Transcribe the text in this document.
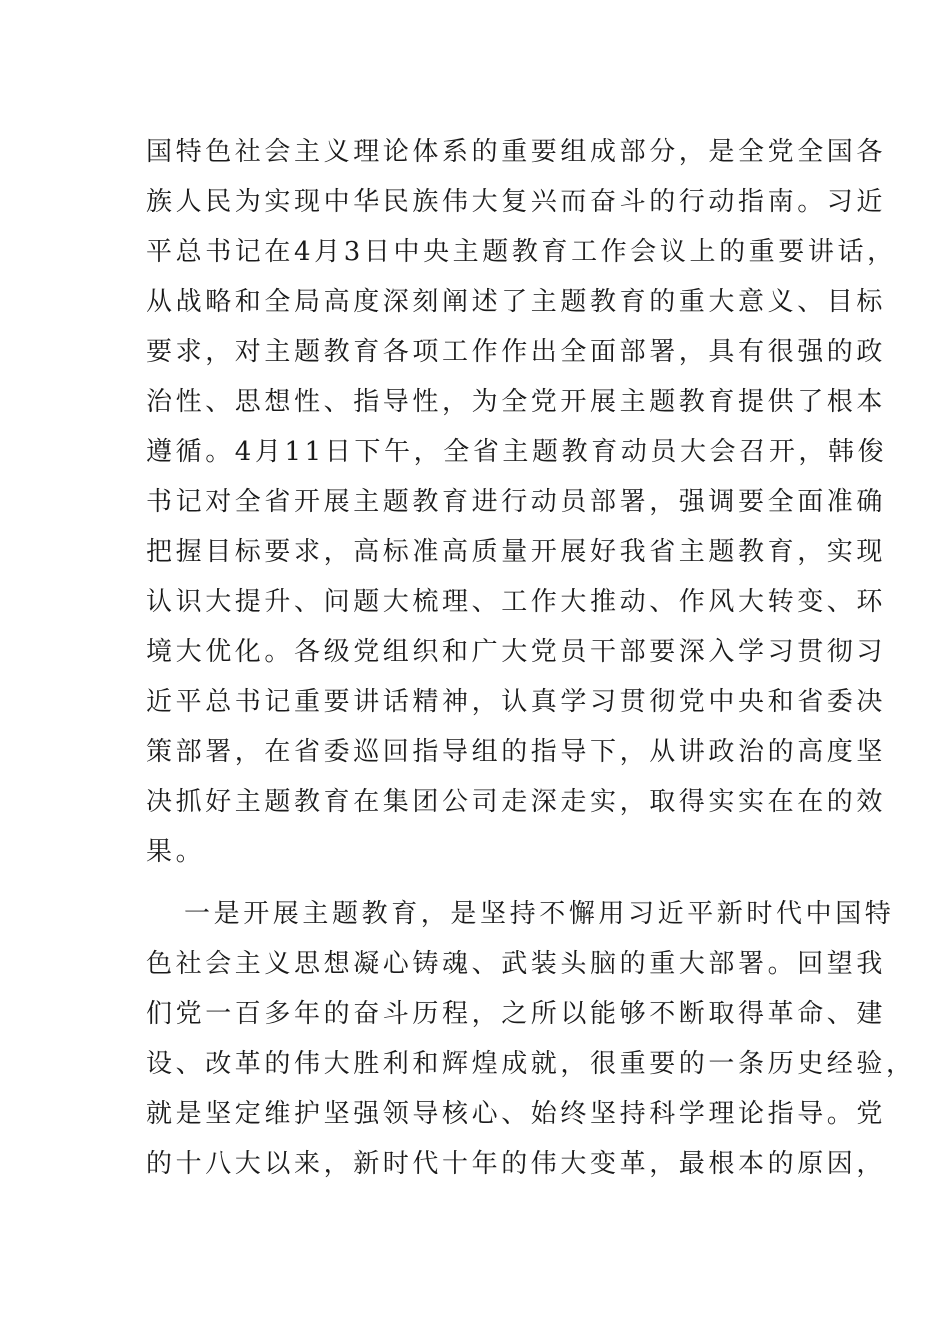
国特色社会主义理论体系的重要组成部分，是全党全国各
族人民为实现中华民族伟大复兴而奋斗的行动指南。习近
平总书记在4月3日中央主题教育工作会议上的重要讲话，
从战略和全局高度深刻阐述了主题教育的重大意义、目标
要求，对主题教育各项工作作出全面部署，具有很强的政
治性、思想性、指导性，为全党开展主题教育提供了根本
遵循。4月11日下午，全省主题教育动员大会召开，韩俊
书记对全省开展主题教育进行动员部署，强调要全面准确
把握目标要求，高标准高质量开展好我省主题教育，实现
认识大提升、问题大梳理、工作大推动、作风大转变、环
境大优化。各级党组织和广大党员干部要深入学习贯彻习
近平总书记重要讲话精神，认真学习贯彻党中央和省委决
策部署，在省委巡回指导组的指导下，从讲政治的高度坚
决抓好主题教育在集团公司走深走实，取得实实在在的效
果。
一是开展主题教育，是坚持不懈用习近平新时代中国特
色社会主义思想凝心铸魂、武装头脑的重大部署。回望我
们党一百多年的奋斗历程，之所以能够不断取得革命、建
设、改革的伟大胜利和辉煌成就，很重要的一条历史经验，
就是坚定维护坚强领导核心、始终坚持科学理论指导。党
的十八大以来，新时代十年的伟大变革，最根本的原因，
